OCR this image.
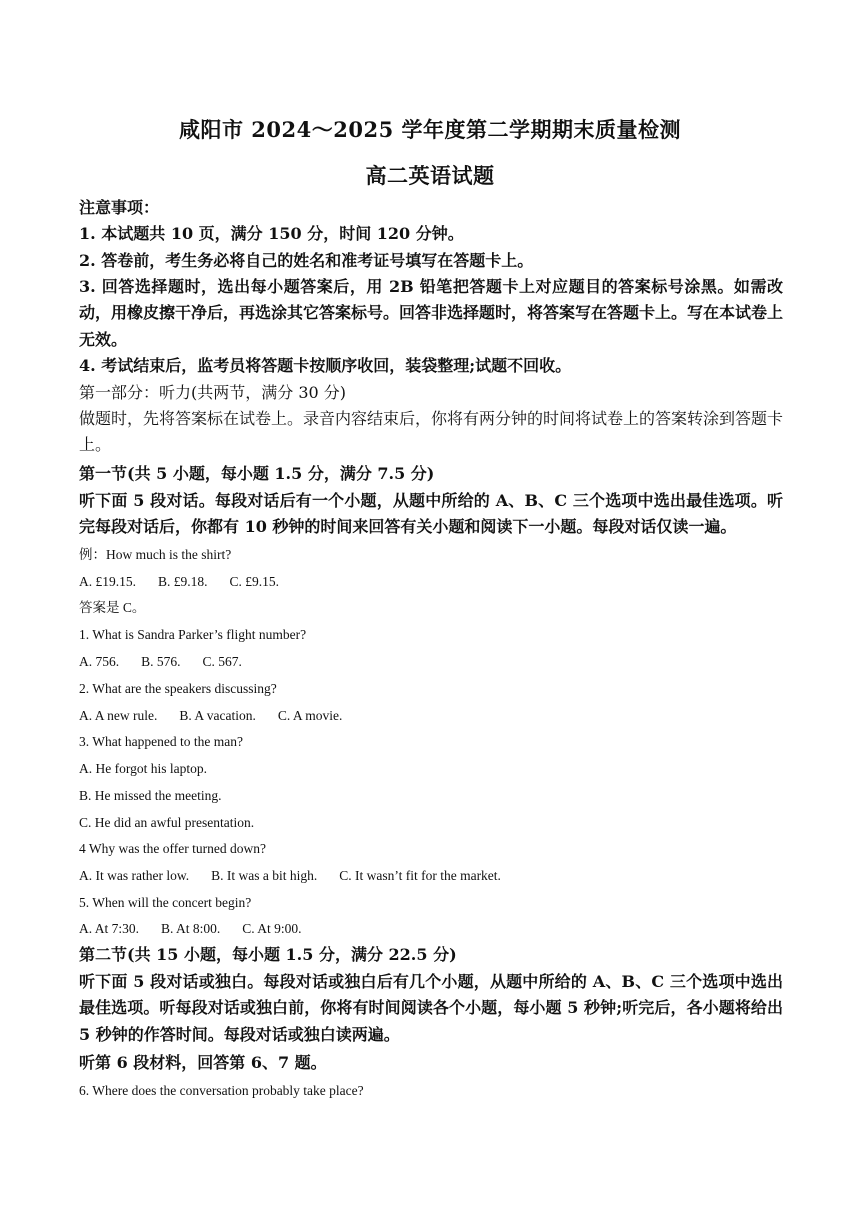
咸阳市 2024～2025 学年度第二学期期末质量检测
高二英语试题
注意事项：
1. 本试题共 10 页，满分 150 分，时间 120 分钟。
2. 答卷前，考生务必将自己的姓名和准考证号填写在答题卡上。
3. 回答选择题时，选出每小题答案后，用 2B 铅笔把答题卡上对应题目的答案标号涂黑。如需改动，用橡皮擦干净后，再选涂其它答案标号。回答非选择题时，将答案写在答题卡上。写在本试卷上无效。
4. 考试结束后，监考员将答题卡按顺序收回，装袋整理;试题不回收。
第一部分：听力(共两节，满分 30 分)
做题时，先将答案标在试卷上。录音内容结束后，你将有两分钟的时间将试卷上的答案转涂到答题卡上。
第一节(共 5 小题，每小题 1.5 分，满分 7.5 分)
听下面 5 段对话。每段对话后有一个小题，从题中所给的 A、B、C 三个选项中选出最佳选项。听完每段对话后，你都有 10 秒钟的时间来回答有关小题和阅读下一小题。每段对话仅读一遍。
例：How much is the shirt?
A. £19.15. B. £9.18. C. £9.15.
答案是 C。
1. What is Sandra Parker’s flight number?
A. 756. B. 576. C. 567.
2. What are the speakers discussing?
A. A new rule. B. A vacation. C. A movie.
3. What happened to the man?
A. He forgot his laptop.
B. He missed the meeting.
C. He did an awful presentation.
4 Why was the offer turned down?
A. It was rather low. B. It was a bit high. C. It wasn’t fit for the market.
5. When will the concert begin?
A. At 7:30. B. At 8:00. C. At 9:00.
第二节(共 15 小题，每小题 1.5 分，满分 22.5 分)
听下面 5 段对话或独白。每段对话或独白后有几个小题，从题中所给的 A、B、C 三个选项中选出最佳选项。听每段对话或独白前，你将有时间阅读各个小题，每小题 5 秒钟;听完后，各小题将给出 5 秒钟的作答时间。每段对话或独白读两遍。
听第 6 段材料，回答第 6、7 题。
6. Where does the conversation probably take place?
